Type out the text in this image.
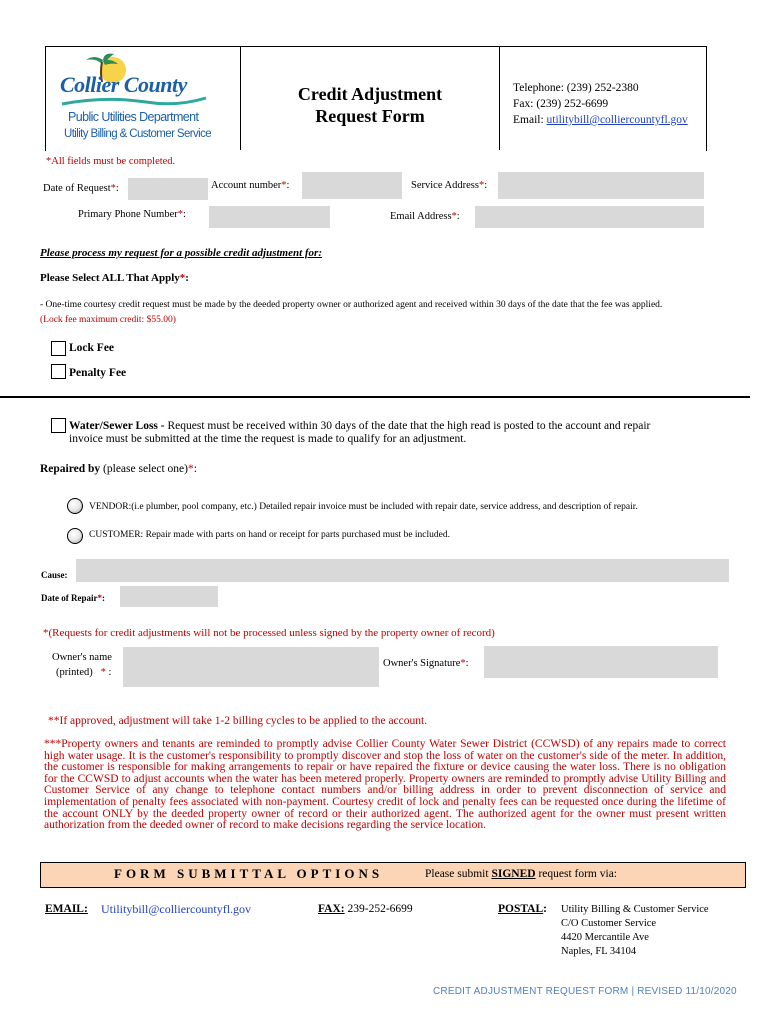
Collier County
Public Utilities Department
Utility Billing & Customer Service
Credit Adjustment
Request Form
Telephone: (239) 252-2380
Fax: (239) 252-6699
Email: utilitybill@colliercountyfl.gov
*All fields must be completed.
Date of Request*:	Account number*:	Service Address*:
Primary Phone Number*:	Email Address*:
Please process my request for a possible credit adjustment for:
Please Select ALL That Apply*:
- One-time courtesy credit request must be made by the deeded property owner or authorized agent and received within 30 days of the date that the fee was applied.
(Lock fee maximum credit: $55.00)
Lock Fee
Penalty Fee
Water/Sewer Loss - Request must be received within 30 days of the date that the high read is posted to the account and repair
invoice must be submitted at the time the request is made to qualify for an adjustment.
Repaired by (please select one)*:
VENDOR:(i.e plumber, pool company, etc.) Detailed repair invoice must be included with repair date, service address, and description of repair.
CUSTOMER: Repair made with parts on hand or receipt for parts purchased must be included.
Cause:
Date of Repair*:
*(Requests for credit adjustments will not be processed unless signed by the property owner of record)
Owner's name
(printed) * :
Owner's Signature*:
**If approved, adjustment will take 1-2 billing cycles to be applied to the account.
***Property owners and tenants are reminded to promptly advise Collier County Water Sewer District (CCWSD) of any repairs made to correct high water usage. It is the customer's responsibility to promptly discover and stop the loss of water on the customer's side of the meter. In addition, the customer is responsible for making arrangements to repair or have repaired the fixture or device causing the water loss. There is no obligation for the CCWSD to adjust accounts when the water has been metered properly. Property owners are reminded to promptly advise Utility Billing and Customer Service of any change to telephone contact numbers and/or billing address in order to prevent disconnection of service and implementation of penalty fees associated with non-payment. Courtesy credit of lock and penalty fees can be requested once during the lifetime of the account ONLY by the deeded property owner of record or their authorized agent. The authorized agent for the owner must present written authorization from the deeded owner of record to make decisions regarding the service location.
FORM SUBMITTAL OPTIONS	Please submit SIGNED request form via:
EMAIL: Utilitybill@colliercountyfl.gov	FAX: 239-252-6699	POSTAL: Utility Billing & Customer Service
C/O Customer Service
4420 Mercantile Ave
Naples, FL 34104
CREDIT ADJUSTMENT REQUEST FORM | REVISED 11/10/2020
